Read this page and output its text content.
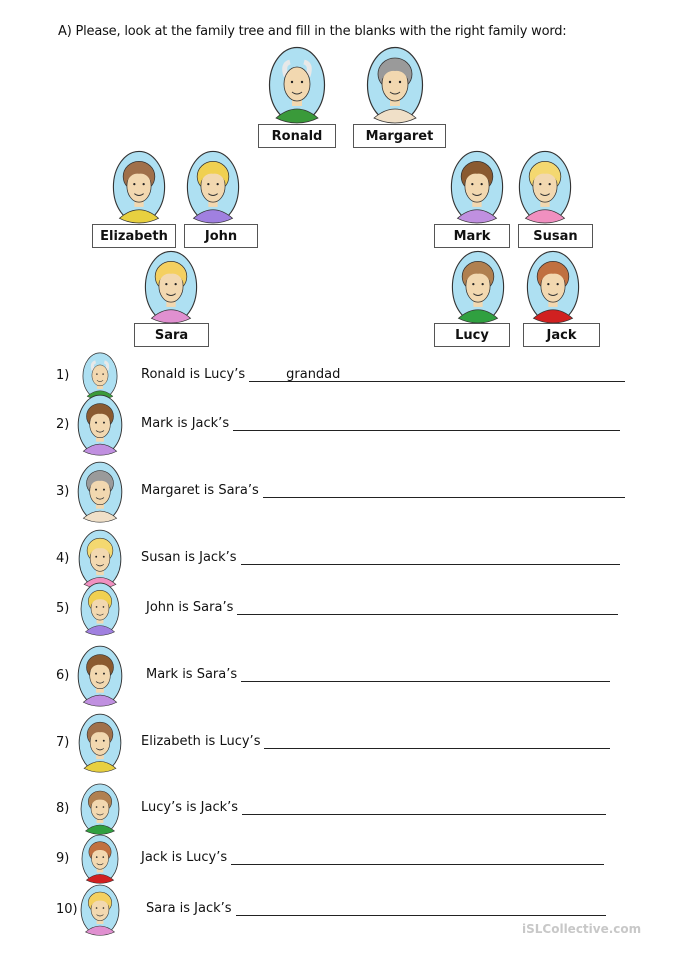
A) Please, look at the family tree and fill in the blanks with the right family word:
Ronald	Margaret
Elizabeth	John	Mark	Susan
Sara	Lucy	Jack
1)	Ronald is Lucy’s	grandad
2)	Mark is Jack’s
3)	Margaret is Sara’s
4)	Susan is Jack’s
5)	John is Sara’s
6)	Mark is Sara’s
7)	Elizabeth is Lucy’s
8)	Lucy’s is Jack’s
9)	Jack is Lucy’s
10)	Sara is Jack’s
iSLCollective.com
